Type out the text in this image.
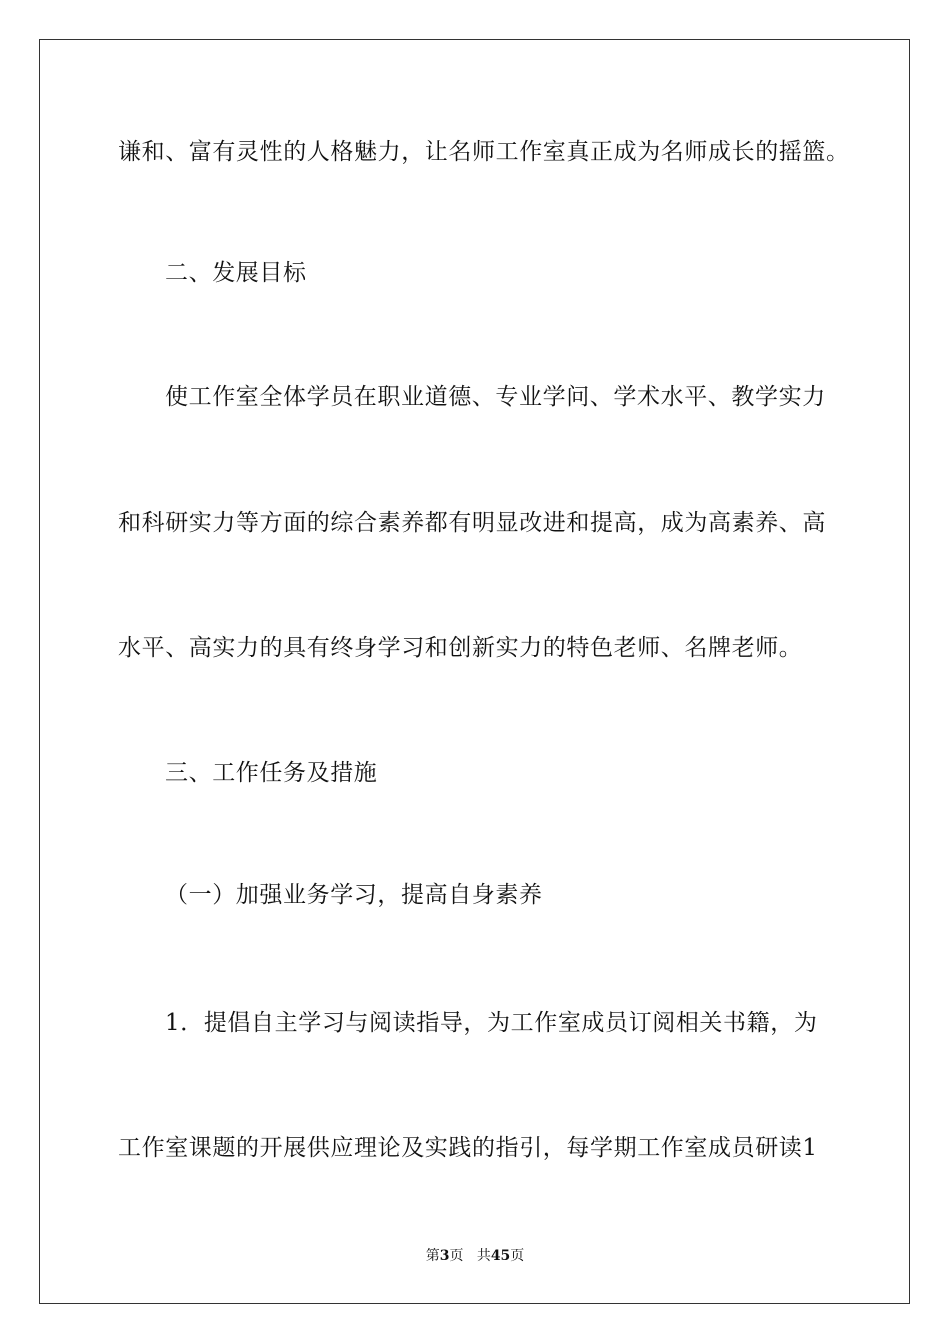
谦和、富有灵性的人格魅力，让名师工作室真正成为名师成长的摇篮。
二、发展目标
使工作室全体学员在职业道德、专业学问、学术水平、教学实力
和科研实力等方面的综合素养都有明显改进和提高，成为高素养、高
水平、高实力的具有终身学习和创新实力的特色老师、名牌老师。
三、工作任务及措施
（一）加强业务学习，提高自身素养
1．提倡自主学习与阅读指导，为工作室成员订阅相关书籍，为
工作室课题的开展供应理论及实践的指引，每学期工作室成员研读1
第3页 共45页
